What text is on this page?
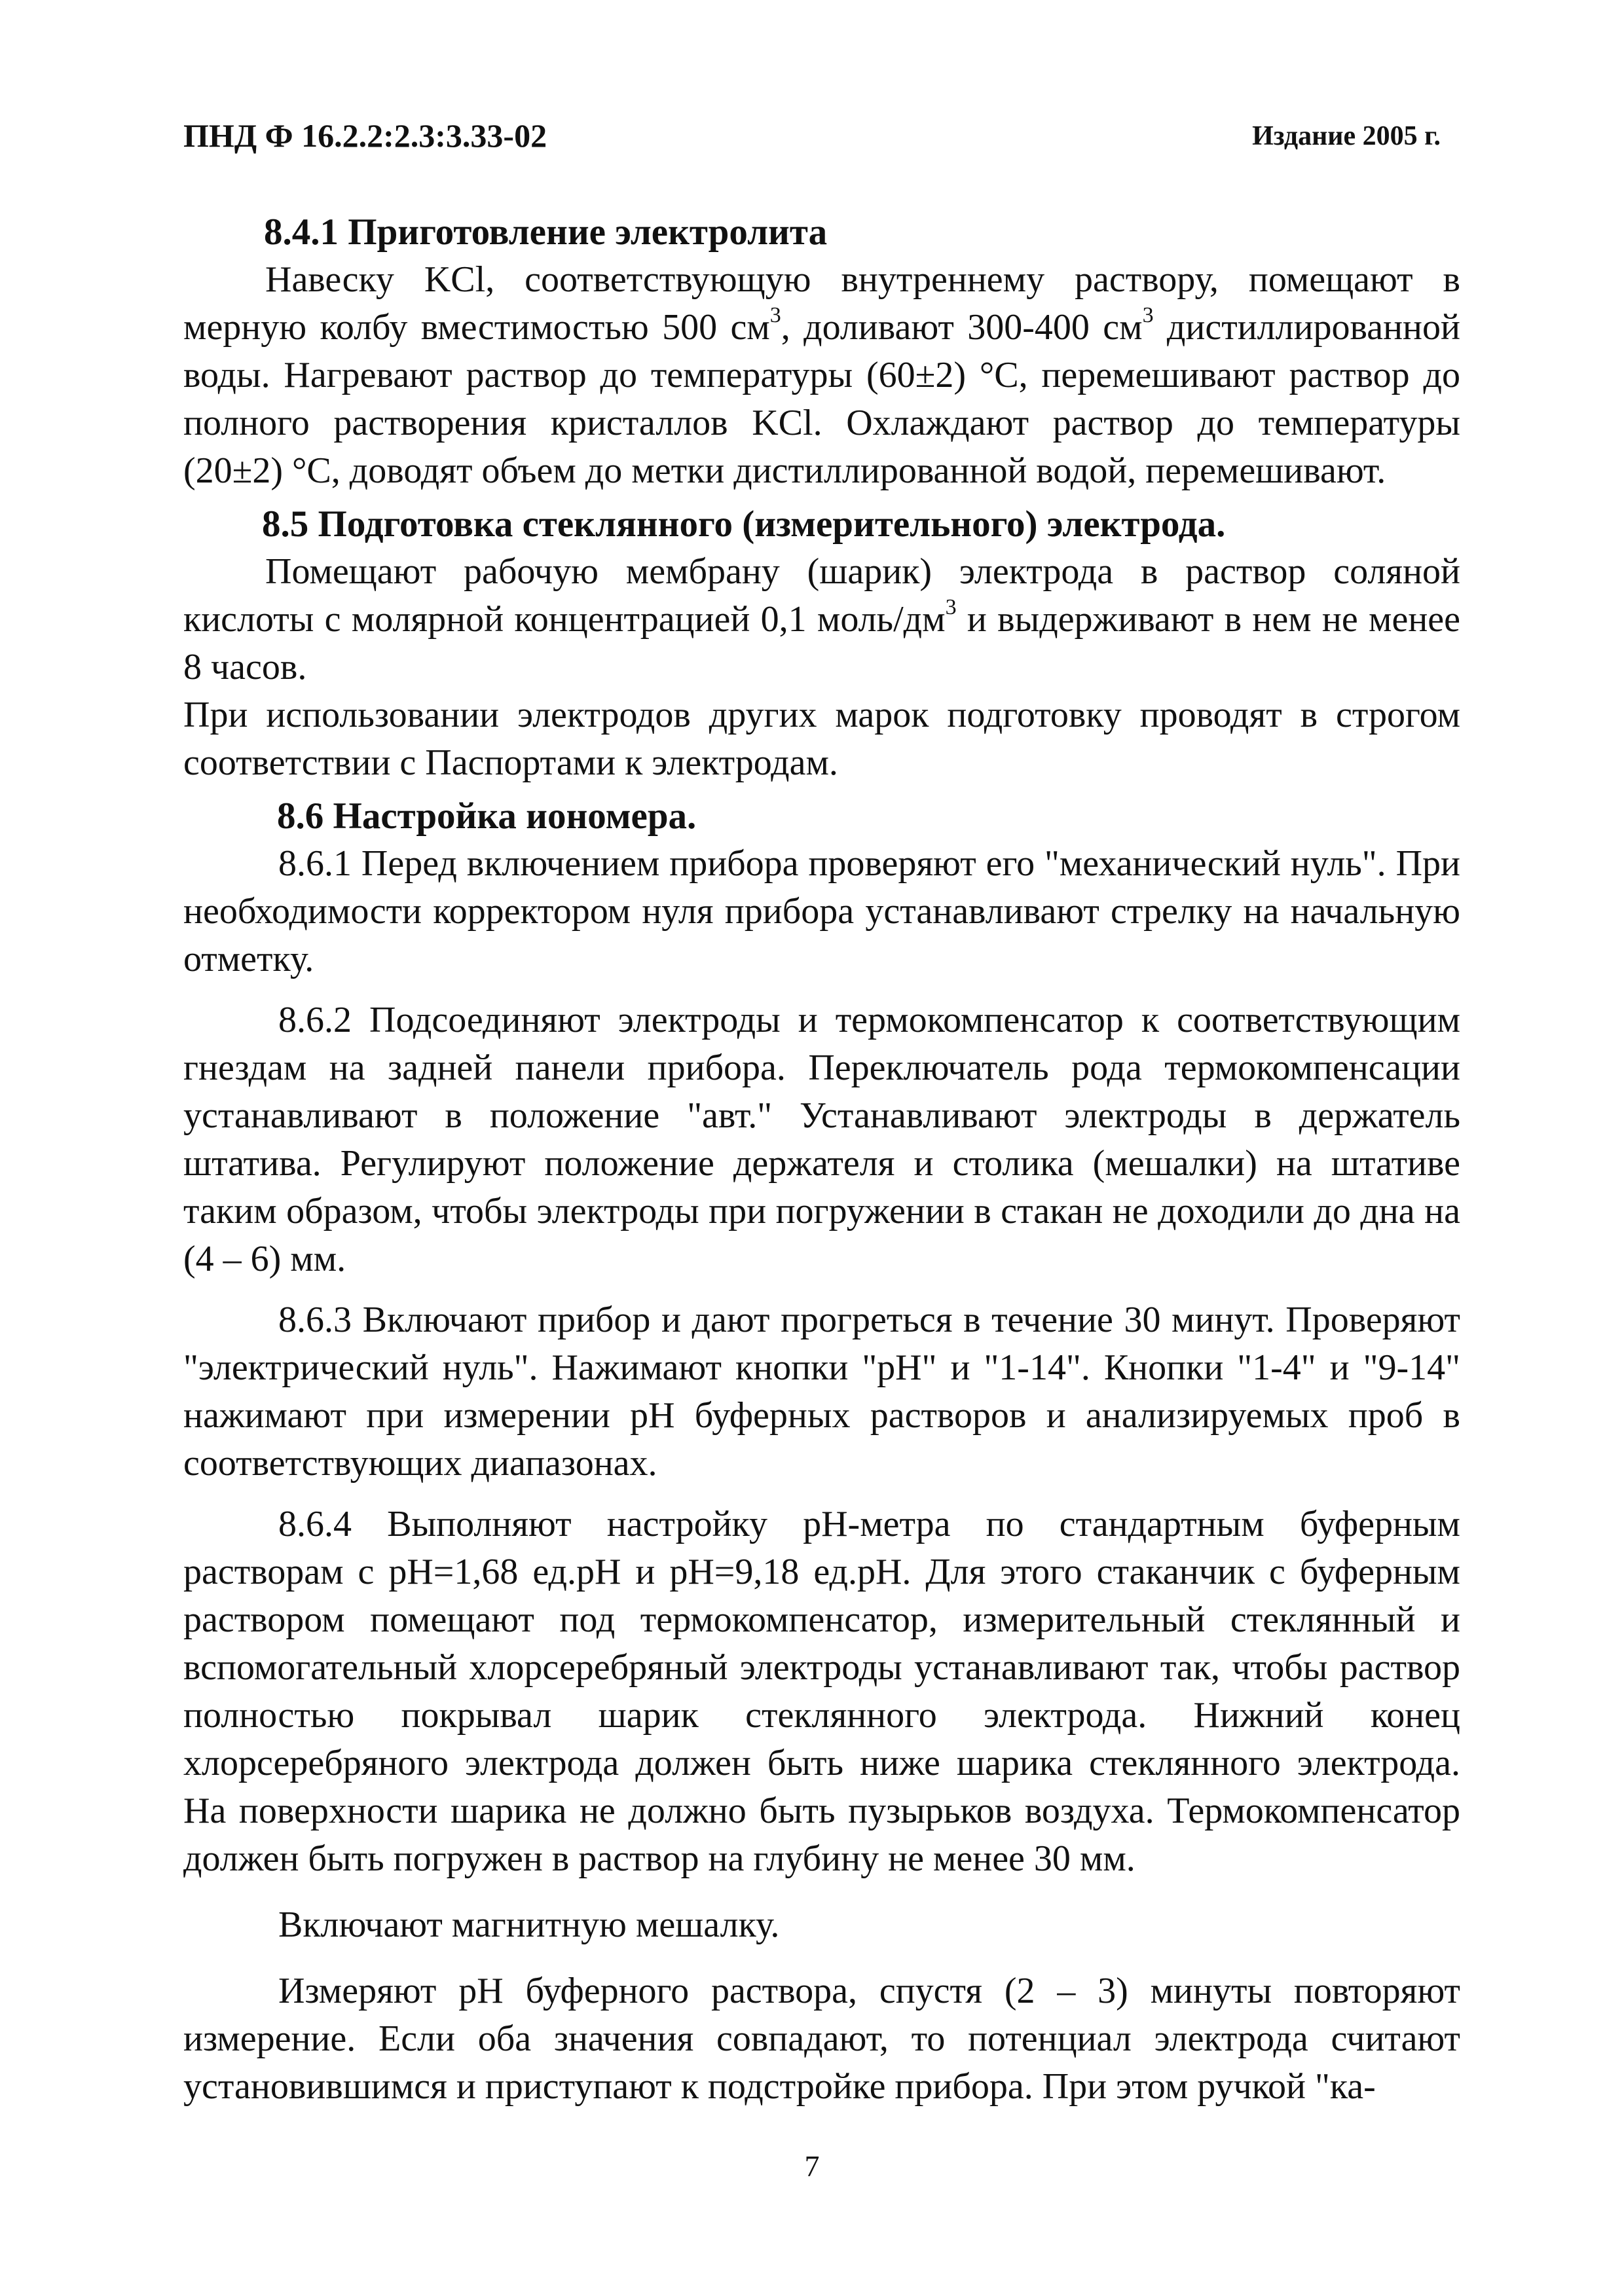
ПНД Ф 16.2.2:2.3:3.33-02	Издание 2005 г.

8.4.1 Приготовление электролита

Навеску KCl, соответствующую внутреннему раствору, помещают в мерную колбу вместимостью 500 $см^3$, доливают 300-400 $см^3$ дистиллированной воды. Нагревают раствор до температуры (60±2) °С, перемешивают раствор до полного растворения кристаллов KCl. Охлаждают раствор до температуры (20±2) °С, доводят объем до метки дистиллированной водой, перемешивают.

8.5 Подготовка стеклянного (измерительного) электрода.

Помещают рабочую мембрану (шарик) электрода в раствор соляной кислоты с молярной концентрацией 0,1 моль/$дм^3$ и выдерживают в нем не менее 8 часов.

При использовании электродов других марок подготовку проводят в строгом соответствии с Паспортами к электродам.

8.6 Настройка иономера.

8.6.1 Перед включением прибора проверяют его "механический нуль". При необходимости корректором нуля прибора устанавливают стрелку на начальную отметку.

8.6.2 Подсоединяют электроды и термокомпенсатор к соответствующим гнездам на задней панели прибора. Переключатель рода термокомпенсации устанавливают в положение "авт." Устанавливают электроды в держатель штатива. Регулируют положение держателя и столика (мешалки) на штативе таким образом, чтобы электроды при погружении в стакан не доходили до дна на (4 – 6) мм.

8.6.3 Включают прибор и дают прогреться в течение 30 минут. Проверяют "электрический нуль". Нажимают кнопки "pH" и "1-14". Кнопки "1-4" и "9-14" нажимают при измерении pH буферных растворов и анализируемых проб в соответствующих диапазонах.

8.6.4 Выполняют настройку pH-метра по стандартным буферным растворам с pH=1,68 ед.pH и pH=9,18 ед.pH. Для этого стаканчик с буферным раствором помещают под термокомпенсатор, измерительный стеклянный и вспомогательный хлорсеребряный электроды устанавливают так, чтобы раствор полностью покрывал шарик стеклянного электрода. Нижний конец хлорсеребряного электрода должен быть ниже шарика стеклянного электрода. На поверхности шарика не должно быть пузырьков воздуха. Термокомпенсатор должен быть погружен в раствор на глубину не менее 30 мм.

Включают магнитную мешалку.

Измеряют pH буферного раствора, спустя (2 – 3) минуты повторяют измерение. Если оба значения совпадают, то потенциал электрода считают установившимся и приступают к подстройке прибора. При этом ручкой "ка-

7
